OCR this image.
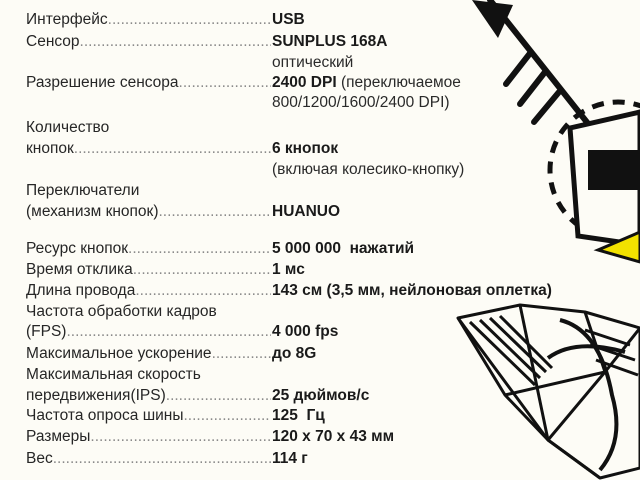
Интерфейс .....	USB
Сенсор .....	SUNPLUS 168A
оптический
Разрешение сенсора .....	2400 DPI (переключаемое
800/1200/1600/2400 DPI)
Количество
кнопок .....	6 кнопок
(включая колесико-кнопку)
Переключатели
(механизм кнопок) .....	HUANUO
Ресурс кнопок .....	5 000 000  нажатий
Время отклика .....	1 мс
Длина провода .....	143 см (3,5 мм, нейлоновая оплетка)
Частота обработки кадров
(FPS) .....	4 000 fps
Максимальное ускорение .....	до 8G
Максимальная скорость
передвижения(IPS) .....	25 дюймов/с
Частота опроса шины .....	125  Гц
Размеры .....	120 х 70 х 43 мм
Вес .....	114 г
